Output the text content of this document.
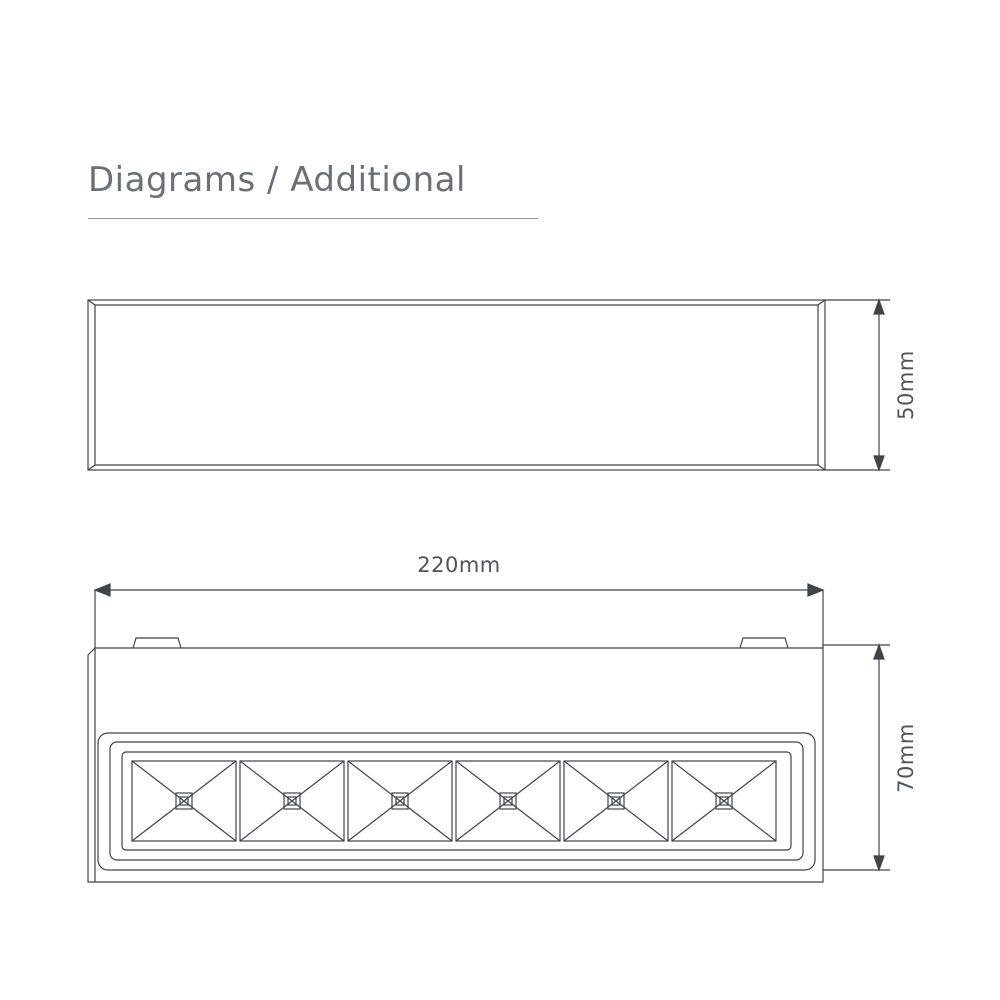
Diagrams / Additional
50mm
220mm
70mm
